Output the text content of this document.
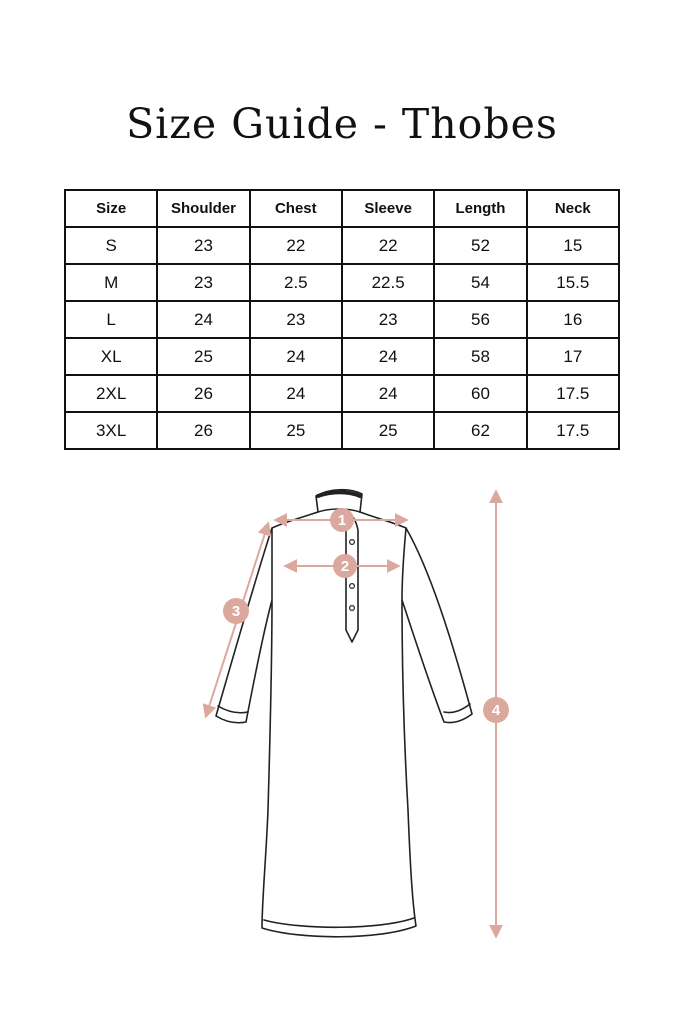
Size Guide - Thobes
Size	Shoulder	Chest	Sleeve	Length	Neck
S	23	22	22	52	15
M	23	2.5	22.5	54	15.5
L	24	23	23	56	16
XL	25	24	24	58	17
2XL	26	24	24	60	17.5
3XL	26	25	25	62	17.5
1
2
3
4
